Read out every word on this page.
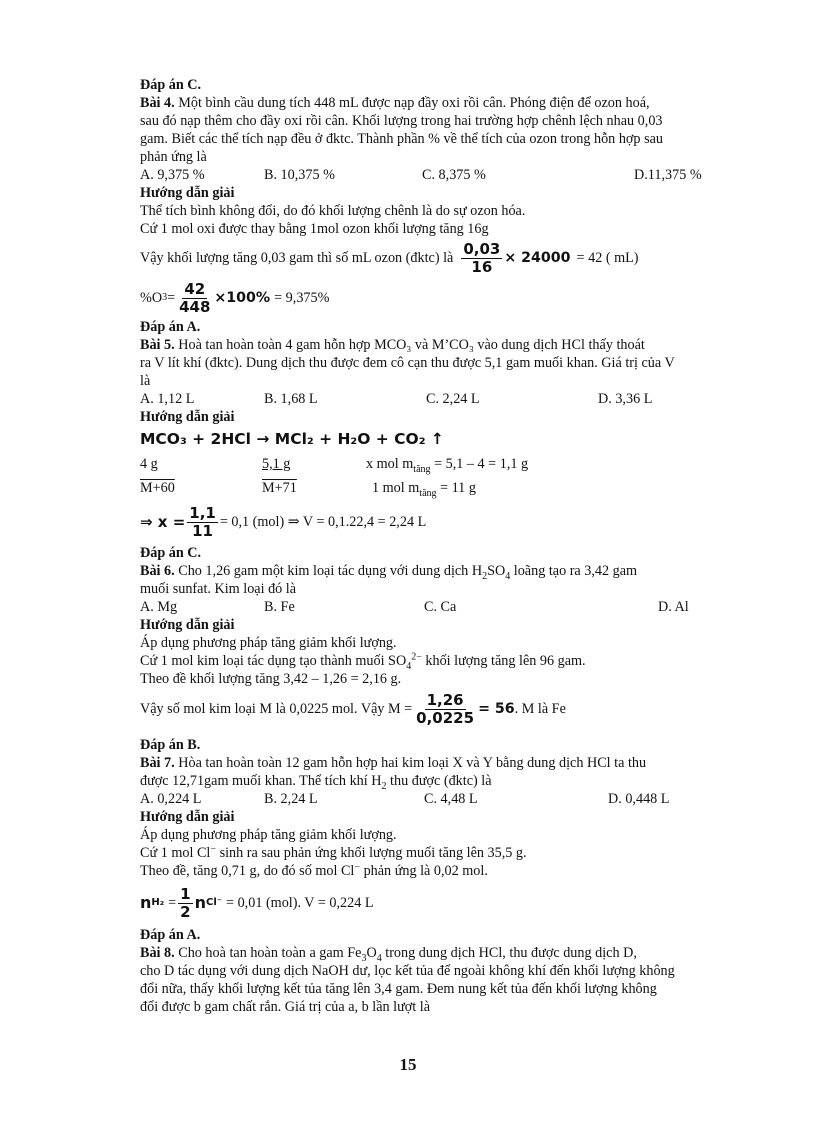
Đáp án C.
Bài 4. Một bình cầu dung tích 448 mL được nạp đầy oxi rồi cân. Phóng điện để ozon hoá,
sau đó nạp thêm cho đầy oxi rồi cân. Khối lượng trong hai trường hợp chênh lệch nhau 0,03
gam. Biết các thể tích nạp đều ở đktc. Thành phần % về thể tích của ozon trong hỗn hợp sau
phản ứng là
A. 9,375 %	B. 10,375 %	C. 8,375 %	D.11,375 %
Hướng dẫn giải
Thể tích bình không đổi, do đó khối lượng chênh là do sự ozon hóa.
Cứ 1 mol oxi được thay bằng 1mol ozon khối lượng tăng 16g
Vậy khối lượng tăng 0,03 gam thì số mL ozon (đktc) là $\frac{0,03}{16} \times 24000 = 42$ ( mL)
%O $3 = \frac{42}{448} \times 100\% = 9,375\%$
Đáp án A.
Bài 5. Hoà tan hoàn toàn 4 gam hỗn hợp MCO₃ và M’CO₃ vào dung dịch HCl thấy thoát
ra V lít khí (đktc). Dung dịch thu được đem cô cạn thu được 5,1 gam muối khan. Giá trị của V
là
A. 1,12 L	B. 1,68 L	C. 2,24 L	D. 3,36 L
Hướng dẫn giải
MCO₃ + 2HCl → MCl₂ + H₂O + CO₂ ↑
4 g	5,1 g	x mol $m_{tăng} = 5,1 - 4 = 1,1$ g
M+60	M+71	1 mol $m_{tăng} = 11$ g
⇒ $x = \frac{1,1}{11} = 0,1$ (mol) ⇒ V = 0,1.22,4 = 2,24 L
Đáp án C.
Bài 6. Cho 1,26 gam một kim loại tác dụng với dung dịch $H_2SO_4$ loãng tạo ra 3,42 gam
muối sunfat. Kim loại đó là
A. Mg	B. Fe	C. Ca	D. Al
Hướng dẫn giải
Áp dụng phương pháp tăng giảm khối lượng.
Cứ 1 mol kim loại tác dụng tạo thành muối $SO_4^{2-}$ khối lượng tăng lên 96 gam.
Theo đề khối lượng tăng 3,42 – 1,26 = 2,16 g.
Vậy số mol kim loại M là 0,0225 mol. Vậy $M = \frac{1,26}{0,0225} = 56$ . M là Fe
Đáp án B.
Bài 7. Hòa tan hoàn toàn 12 gam hỗn hợp hai kim loại X và Y bằng dung dịch HCl ta thu
được 12,71gam muối khan. Thể tích khí $H_2$ thu được (đktc) là
A. 0,224 L	B. 2,24 L	C. 4,48 L	D. 0,448 L
Hướng dẫn giải
Áp dụng phương pháp tăng giảm khối lượng.
Cứ 1 mol Cl− sinh ra sau phản ứng khối lượng muối tăng lên 35,5 g.
Theo đề, tăng 0,71 g, do đó số mol Cl− phản ứng là 0,02 mol.
n $H_2 = \frac{1}{2}$ n Cl⁻ = 0,01 (mol). V = 0,224 L
Đáp án A.
Bài 8. Cho hoà tan hoàn toàn a gam $Fe_3O_4$ trong dung dịch HCl, thu được dung dịch D,
cho D tác dụng với dung dịch NaOH dư, lọc kết tủa để ngoài không khí đến khối lượng không
đổi nữa, thấy khối lượng kết tủa tăng lên 3,4 gam. Đem nung kết tủa đến khối lượng không
đổi được b gam chất rắn. Giá trị của a, b lần lượt là
15
